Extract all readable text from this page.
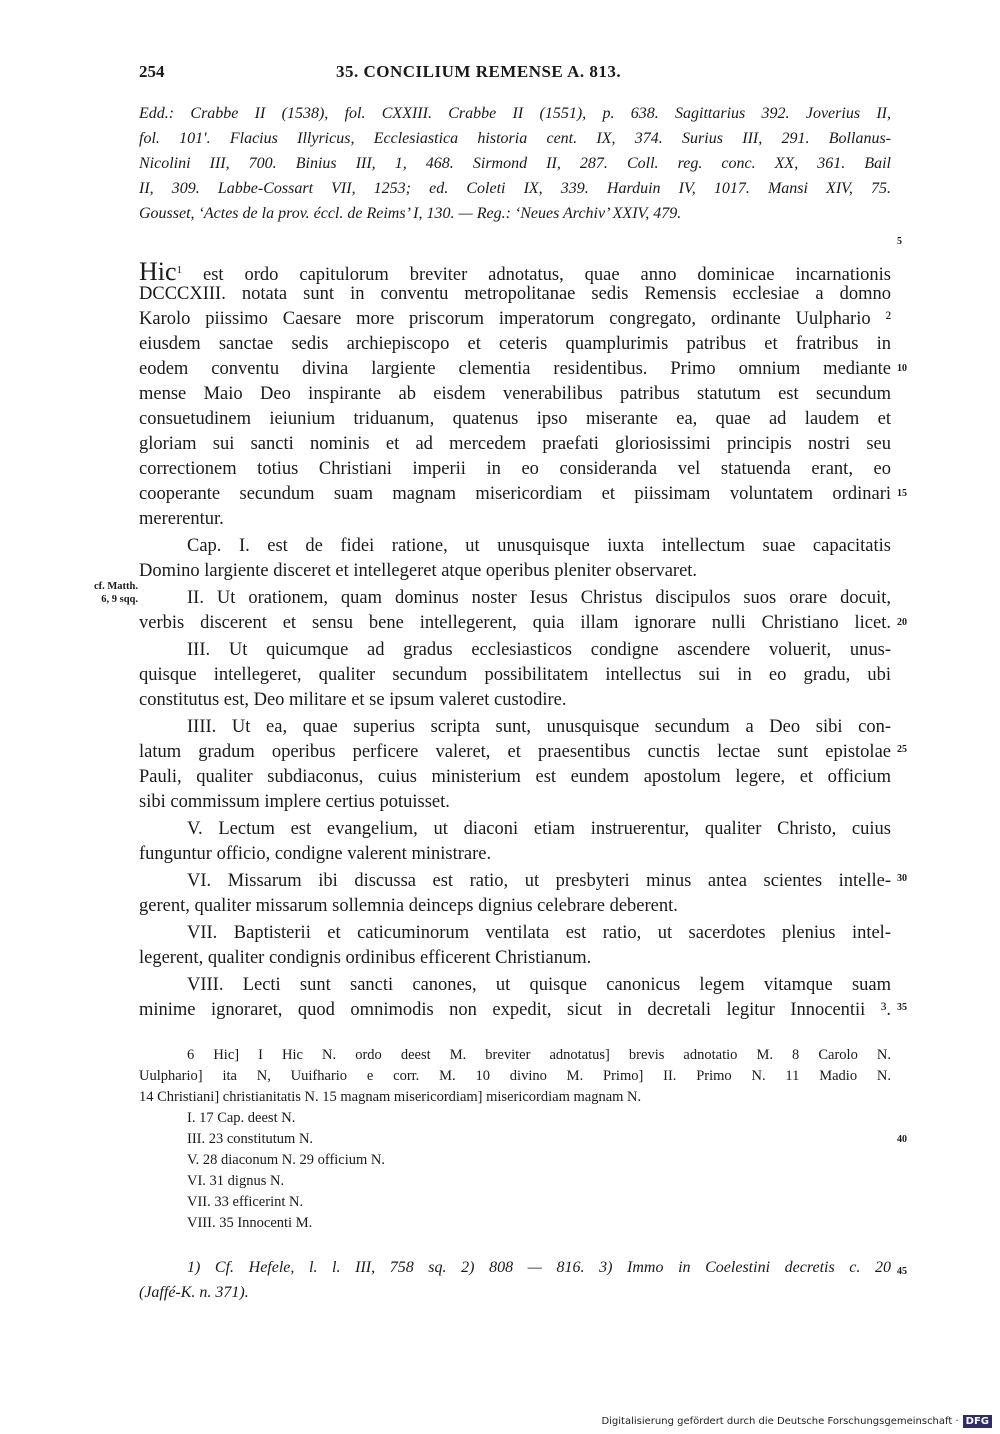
254	35. CONCILIUM REMENSE A. 813.
Edd.: Crabbe II (1538), fol. CXXIII. Crabbe II (1551), p. 638. Sagittarius 392. Joverius II,
fol. 101'. Flacius Illyricus, Ecclesiastica historia cent. IX, 374. Surius III, 291. Bollanus-
Nicolini III, 700. Binius III, 1, 468. Sirmond II, 287. Coll. reg. conc. XX, 361. Bail
II, 309. Labbe-Cossart VII, 1253; ed. Coleti IX, 339. Harduin IV, 1017. Mansi XIV, 75.
Gousset, ‘Actes de la prov. éccl. de Reims’ I, 130. — Reg.: ‘Neues Archiv’ XXIV, 479.
Hic$^1$ est ordo capitulorum breviter adnotatus, quae anno dominicae incarnationis
DCCCXIII. notata sunt in conventu metropolitanae sedis Remensis ecclesiae a domno
Karolo piissimo Caesare more priscorum imperatorum congregato, ordinante Uulphario ²
eiusdem sanctae sedis archiepiscopo et ceteris quamplurimis patribus et fratribus in
eodem conventu divina largiente clementia residentibus. Primo omnium mediante
mense Maio Deo inspirante ab eisdem venerabilibus patribus statutum est secundum
consuetudinem ieiunium triduanum, quatenus ipso miserante ea, quae ad laudem et
gloriam sui sancti nominis et ad mercedem praefati gloriosissimi principis nostri seu
correctionem totius Christiani imperii in eo consideranda vel statuenda erant, eo
cooperante secundum suam magnam misericordiam et piissimam voluntatem ordinari
mererentur.
Cap. I. est de fidei ratione, ut unusquisque iuxta intellectum suae capacitatis
Domino largiente disceret et intellegeret atque operibus pleniter observaret.
II. Ut orationem, quam dominus noster Iesus Christus discipulos suos orare docuit,
verbis discerent et sensu bene intellegerent, quia illam ignorare nulli Christiano licet.
III. Ut quicumque ad gradus ecclesiasticos condigne ascendere voluerit, unus-
quisque intellegeret, qualiter secundum possibilitatem intellectus sui in eo gradu, ubi
constitutus est, Deo militare et se ipsum valeret custodire.
IIII. Ut ea, quae superius scripta sunt, unusquisque secundum a Deo sibi con-
latum gradum operibus perficere valeret, et praesentibus cunctis lectae sunt epistolae
Pauli, qualiter subdiaconus, cuius ministerium est eundem apostolum legere, et officium
sibi commissum implere certius potuisset.
V. Lectum est evangelium, ut diaconi etiam instruerentur, qualiter Christo, cuius
funguntur officio, condigne valerent ministrare.
VI. Missarum ibi discussa est ratio, ut presbyteri minus antea scientes intelle-
gerent, qualiter missarum sollemnia deinceps dignius celebrare deberent.
VII. Baptisterii et caticuminorum ventilata est ratio, ut sacerdotes plenius intel-
legerent, qualiter condignis ordinibus efficerent Christianum.
VIII. Lecti sunt sancti canones, ut quisque canonicus legem vitamque suam
minime ignoraret, quod omnimodis non expedit, sicut in decretali legitur Innocentii ³.
cf. Matth.
6, 9 sqq.
5
10
15
20
25
30
35
40
45
6 Hic] I Hic N. ordo deest M. breviter adnotatus] brevis adnotatio M. 8 Carolo N.
Uulphario] ita N, Uuifhario e corr. M. 10 divino M. Primo] II. Primo N. 11 Madio N.
14 Christiani] christianitatis N. 15 magnam misericordiam] misericordiam magnam N.
I. 17 Cap. deest N.
III. 23 constitutum N.
V. 28 diaconum N. 29 officium N.
VI. 31 dignus N.
VII. 33 efficerint N.
VIII. 35 Innocenti M.
1) Cf. Hefele, l. l. III, 758 sq. 2) 808 — 816. 3) Immo in Coelestini decretis c. 20
(Jaffé-K. n. 371).
Digitalisierung gefördert durch die Deutsche Forschungsgemeinschaft · DFG
